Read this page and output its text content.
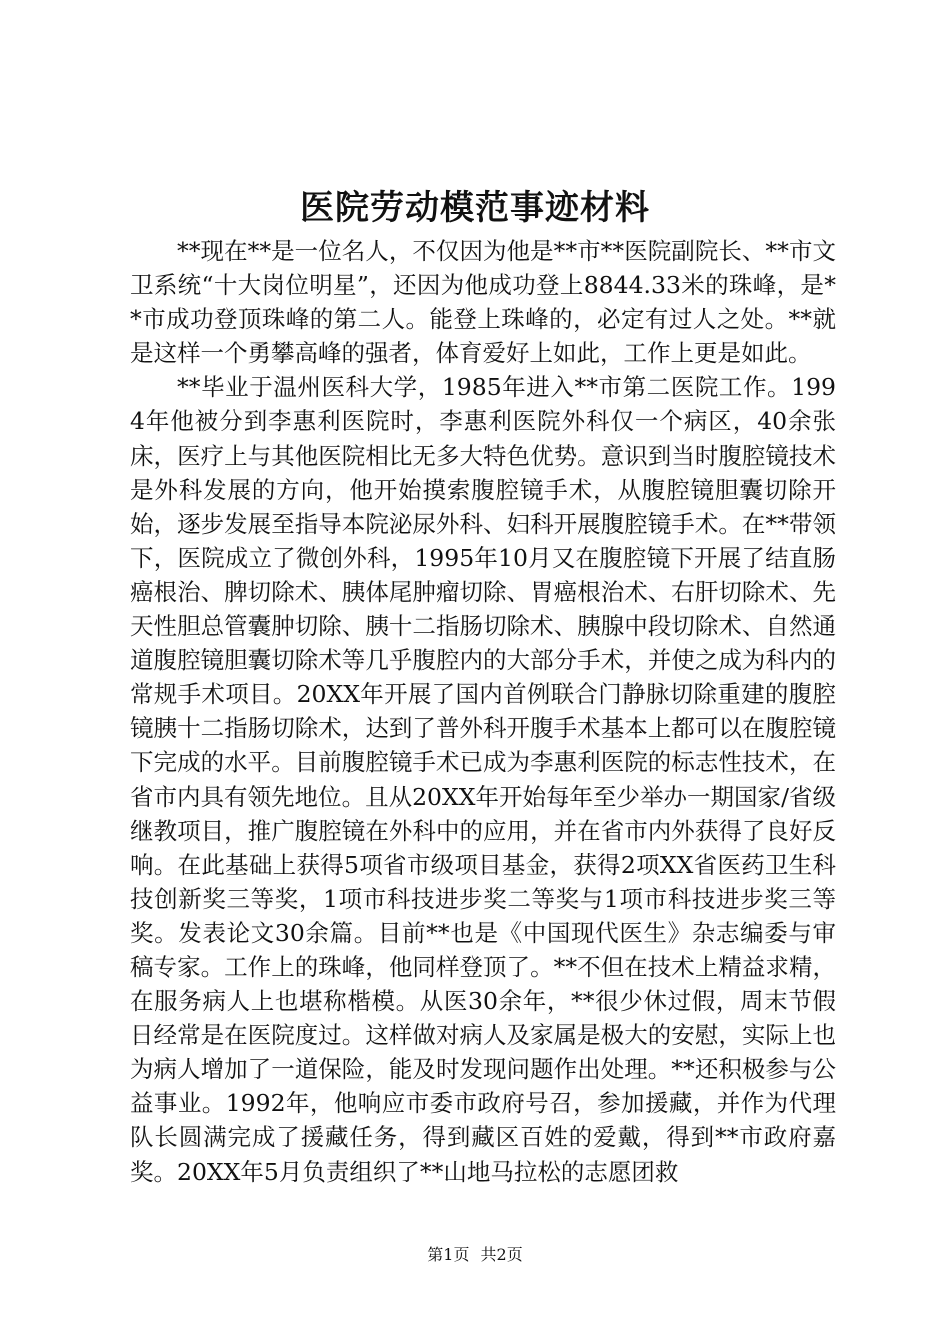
医院劳动模范事迹材料

**现在**是一位名人，不仅因为他是**市**医院副院长、**市文卫系统“十大岗位明星”，还因为他成功登上8844.33米的珠峰，是**市成功登顶珠峰的第二人。能登上珠峰的，必定有过人之处。**就是这样一个勇攀高峰的强者，体育爱好上如此，工作上更是如此。

**毕业于温州医科大学，1985年进入**市第二医院工作。1994年他被分到李惠利医院时，李惠利医院外科仅一个病区，40余张床，医疗上与其他医院相比无多大特色优势。意识到当时腹腔镜技术是外科发展的方向，他开始摸索腹腔镜手术，从腹腔镜胆囊切除开始，逐步发展至指导本院泌尿外科、妇科开展腹腔镜手术。在**带领下，医院成立了微创外科，1995年10月又在腹腔镜下开展了结直肠癌根治、脾切除术、胰体尾肿瘤切除、胃癌根治术、右肝切除术、先天性胆总管囊肿切除、胰十二指肠切除术、胰腺中段切除术、自然通道腹腔镜胆囊切除术等几乎腹腔内的大部分手术，并使之成为科内的常规手术项目。20XX年开展了国内首例联合门静脉切除重建的腹腔镜胰十二指肠切除术，达到了普外科开腹手术基本上都可以在腹腔镜下完成的水平。目前腹腔镜手术已成为李惠利医院的标志性技术，在省市内具有领先地位。且从20XX年开始每年至少举办一期国家/省级继教项目，推广腹腔镜在外科中的应用，并在省市内外获得了良好反响。在此基础上获得5项省市级项目基金，获得2项XX省医药卫生科技创新奖三等奖，1项市科技进步奖二等奖与1项市科技进步奖三等奖。发表论文30余篇。目前**也是《中国现代医生》杂志编委与审稿专家。工作上的珠峰，他同样登顶了。**不但在技术上精益求精，在服务病人上也堪称楷模。从医30余年，**很少休过假，周末节假日经常是在医院度过。这样做对病人及家属是极大的安慰，实际上也为病人增加了一道保险，能及时发现问题作出处理。**还积极参与公益事业。1992年，他响应市委市政府号召，参加援藏，并作为代理队长圆满完成了援藏任务，得到藏区百姓的爱戴，得到**市政府嘉奖。20XX年5月负责组织了**山地马拉松的志愿团救

第1页 共2页
